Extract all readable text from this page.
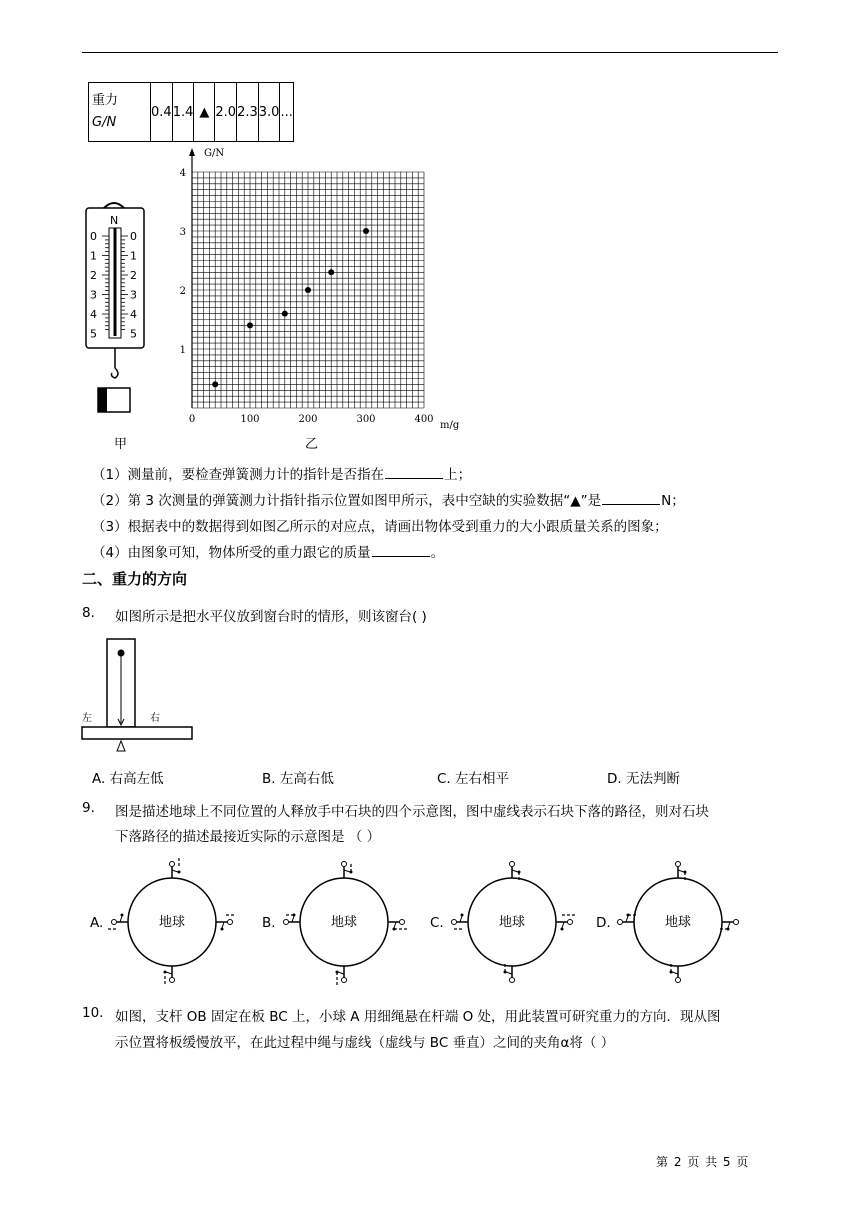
重力
G/N	0.4	1.4	▲	2.0	2.3	3.0	...
N
0	0
1	1
2	2
3	3
4	4
5	5
甲
G/N
m/g
0	100	200	300	400
1
2
3
4
乙
（1）测量前，要检查弹簧测力计的指针是否指在	上；
（2）第 3 次测量的弹簧测力计指针指示位置如图甲所示，表中空缺的实验数据“▲”是	N；
（3）根据表中的数据得到如图乙所示的对应点，请画出物体受到重力的大小跟质量关系的图象；
（4）由图象可知，物体所受的重力跟它的质量	。
二、重力的方向
8. 如图所示是把水平仪放到窗台时的情形，则该窗台( )
左	右
A. 右高左低	B. 左高右低	C. 左右相平	D. 无法判断
9. 图是描述地球上不同位置的人释放手中石块的四个示意图，图中虚线表示石块下落的路径，则对石块
下落路径的描述最接近实际的示意图是 （ ）
A.	地球	B.	地球	C.	地球	D.	地球
10. 如图，支杆 OB 固定在板 BC 上，小球 A 用细绳悬在杆端 O 处，用此装置可研究重力的方向．现从图
示位置将板缓慢放平，在此过程中绳与虚线（虚线与 BC 垂直）之间的夹角α将（ ）
第 2 页 共 5 页
